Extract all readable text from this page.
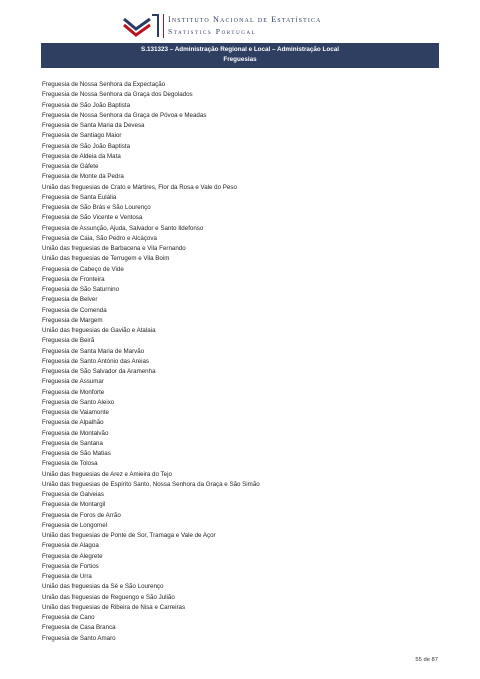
Instituto Nacional de Estatística
Statistics Portugal
S.131323 – Administração Regional e Local – Administração Local
Freguesias
Freguesia de Nossa Senhora da Expectação
Freguesia de Nossa Senhora da Graça dos Degolados
Freguesia de São João Baptista
Freguesia de Nossa Senhora da Graça de Póvoa e Meadas
Freguesia de Santa Maria da Devesa
Freguesia de Santiago Maior
Freguesia de São João Baptista
Freguesia de Aldeia da Mata
Freguesia de Gáfete
Freguesia de Monte da Pedra
União das freguesias de Crato e Mártires, Flor da Rosa e Vale do Peso
Freguesia de Santa Eulália
Freguesia de São Brás e São Lourenço
Freguesia de São Vicente e Ventosa
Freguesia de Assunção, Ajuda, Salvador e Santo Ildefonso
Freguesia de Caia, São Pedro e Alcáçova
União das freguesias de Barbacena e Vila Fernando
União das freguesias de Terrugem e Vila Boim
Freguesia de Cabeço de Vide
Freguesia de Fronteira
Freguesia de São Saturnino
Freguesia de Belver
Freguesia de Comenda
Freguesia de Margem
União das freguesias de Gavião e Atalaia
Freguesia de Beirã
Freguesia de Santa Maria de Marvão
Freguesia de Santo António das Areias
Freguesia de São Salvador da Aramenha
Freguesia de Assumar
Freguesia de Monforte
Freguesia de Santo Aleixo
Freguesia de Vaiamonte
Freguesia de Alpalhão
Freguesia de Montalvão
Freguesia de Santana
Freguesia de São Matias
Freguesia de Tolosa
União das freguesias de Arez e Amieira do Tejo
União das freguesias de Espírito Santo, Nossa Senhora da Graça e São Simão
Freguesia de Galveias
Freguesia de Montargil
Freguesia de Foros de Arrão
Freguesia de Longomel
União das freguesias de Ponte de Sor, Tramaga e Vale de Açor
Freguesia de Alagoa
Freguesia de Alegrete
Freguesia de Fortios
Freguesia de Urra
União das freguesias da Sé e São Lourenço
União das freguesias de Reguengo e São Julião
União das freguesias de Ribeira de Nisa e Carreiras
Freguesia de Cano
Freguesia de Casa Branca
Freguesia de Santo Amaro
55 de 87
